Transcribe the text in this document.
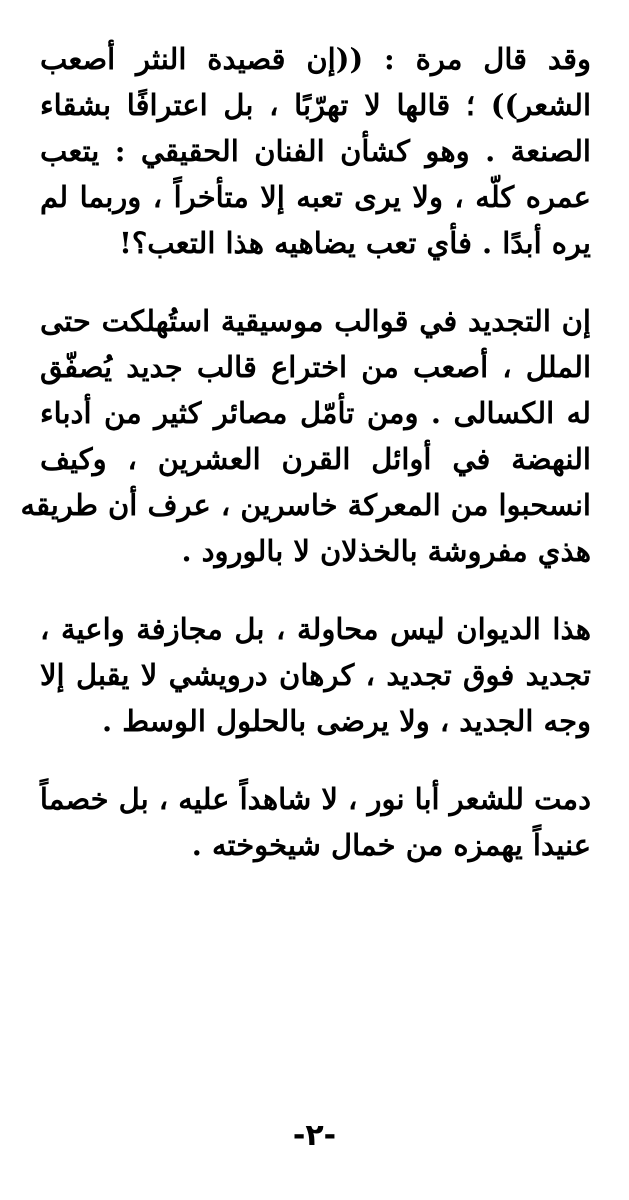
وقد قال مرة : ((إن قصيدة النثر أصعب
الشعر)) ؛ قالها لا تهرّبًا ، بل اعترافًا بشقاء
الصنعة . وهو كشأن الفنان الحقيقي : يتعب
عمره كلّه ، ولا يرى تعبه إلا متأخراً ، وربما لم
يره أبدًا . فأي تعب يضاهيه هذا التعب؟!
إن التجديد في قوالب موسيقية استُهلكت حتى
الملل ، أصعب من اختراع قالب جديد يُصفّق
له الكسالى . ومن تأمّل مصائر كثير من أدباء
النهضة في أوائل القرن العشرين ، وكيف
انسحبوا من المعركة خاسرين ، عرف أن طريقه
هذي مفروشة بالخذلان لا بالورود .
هذا الديوان ليس محاولة ، بل مجازفة واعية ،
تجديد فوق تجديد ، كرهان درويشي لا يقبل إلا
وجه الجديد ، ولا يرضى بالحلول الوسط .
دمت للشعر أبا نور ، لا شاهداً عليه ، بل خصماً
عنيداً يهمزه من خمال شيخوخته .
-٢-
